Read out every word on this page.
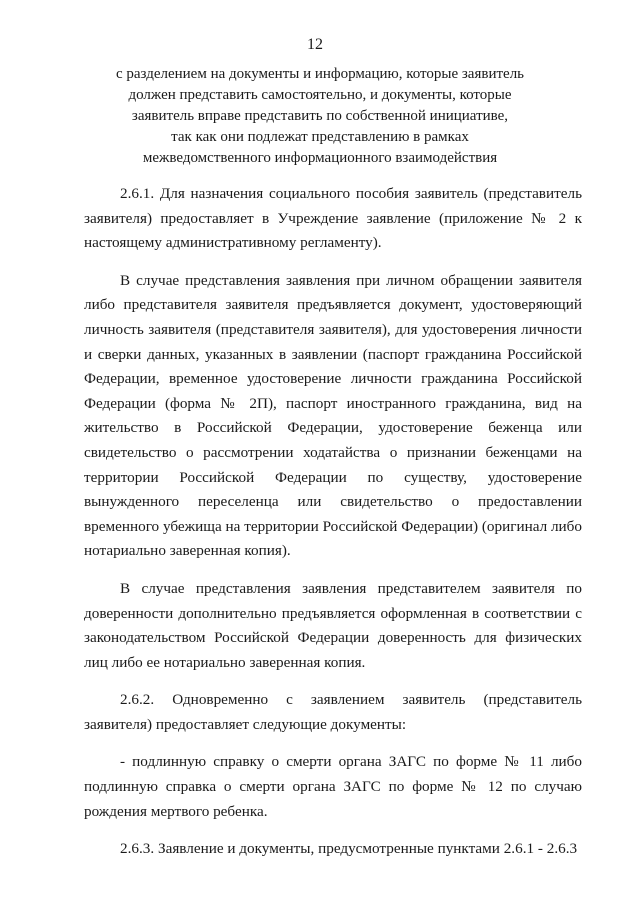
12
с разделением на документы и информацию, которые заявитель
должен представить самостоятельно, и документы, которые
заявитель вправе представить по собственной инициативе,
так как они подлежат представлению в рамках
межведомственного информационного взаимодействия

2.6.1. Для назначения социального пособия заявитель (представитель заявителя) предоставляет в Учреждение заявление (приложение № 2 к настоящему административному регламенту).

В случае представления заявления при личном обращении заявителя либо представителя заявителя предъявляется документ, удостоверяющий личность заявителя (представителя заявителя), для удостоверения личности и сверки данных, указанных в заявлении (паспорт гражданина Российской Федерации, временное удостоверение личности гражданина Российской Федерации (форма № 2П), паспорт иностранного гражданина, вид на жительство в Российской Федерации, удостоверение беженца или свидетельство о рассмотрении ходатайства о признании беженцами на территории Российской Федерации по существу, удостоверение вынужденного переселенца или свидетельство о предоставлении временного убежища на территории Российской Федерации) (оригинал либо нотариально заверенная копия).

В случае представления заявления представителем заявителя по доверенности дополнительно предъявляется оформленная в соответствии с законодательством Российской Федерации доверенность для физических лиц либо ее нотариально заверенная копия.

2.6.2. Одновременно с заявлением заявитель (представитель заявителя) предоставляет следующие документы:

- подлинную справку о смерти органа ЗАГС по форме № 11 либо подлинную справка о смерти органа ЗАГС по форме № 12 по случаю рождения мертвого ребенка.

2.6.3. Заявление и документы, предусмотренные пунктами 2.6.1 - 2.6.3
